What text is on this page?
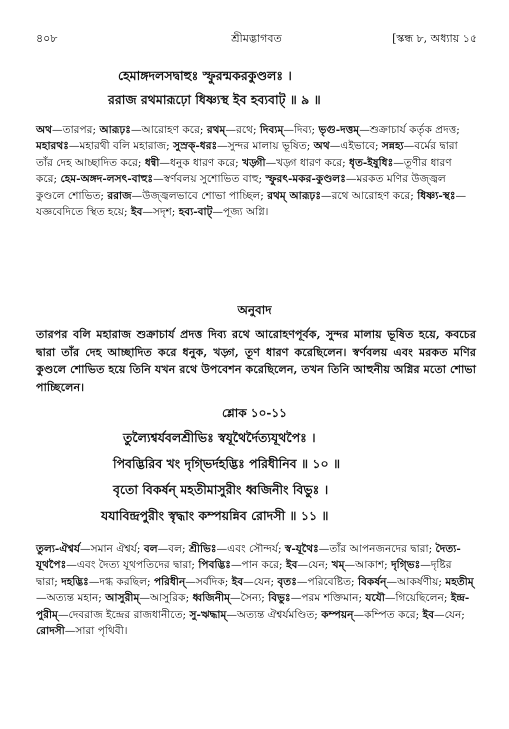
৪০৮	শ্রীমদ্ভাগবত	[স্কন্ধ ৮, অধ্যায় ১৫
হেমাঙ্গদলসদ্বাহুঃ স্ফুরন্মকরকুণ্ডলঃ ।
ররাজ রথমারূঢ়ো ধিষ্ণ্যস্থ ইব হব্যবাট্ ॥ ৯ ॥
অথ—তারপর; আরূঢ়ঃ—আরোহণ করে; রথম্—রথে; দিব্যম্—দিব্য; ভৃগু-দত্তম্—শুক্রাচার্য কর্তৃক প্রদত্ত; মহারথঃ—মহারথী বলি মহারাজ; সুস্রক্-ধরঃ—সুন্দর মালায় ভূষিত; অথ—এইভাবে; সন্নহ্য—বর্মের দ্বারা তাঁর দেহ আচ্ছাদিত করে; ধন্বী—ধনুক ধারণ করে; খড়্গী—খড়্গ ধারণ করে; ধৃত-ইষুধিঃ—তূণীর ধারণ করে; হেম-অঙ্গদ-লসৎ-বাহুঃ—স্বর্ণবলয় সুশোভিত বাহু; স্ফুরৎ-মকর-কুণ্ডলঃ—মরকত মণির উজ্জ্বল কুণ্ডলে শোভিত; ররাজ—উজ্জ্বলভাবে শোভা পাচ্ছিল; রথম্ আরূঢ়ঃ—রথে আরোহণ করে; ধিষ্ণ্য-স্থঃ—যজ্ঞবেদিতে স্থিত হয়ে; ইব—সদৃশ; হব্য-বাট্—পূজ্য অগ্নি।
অনুবাদ
তারপর বলি মহারাজ শুক্রাচার্য প্রদত্ত দিব্য রথে আরোহণপূর্বক, সুন্দর মালায় ভূষিত হয়ে, কবচের দ্বারা তাঁর দেহ আচ্ছাদিত করে ধনুক, খড়্গ, তূণ ধারণ করেছিলেন। স্বর্ণবলয় এবং মরকত মণির কুণ্ডলে শোভিত হয়ে তিনি যখন রথে উপবেশন করেছিলেন, তখন তিনি আহুনীয় অগ্নির মতো শোভা পাচ্ছিলেন।
শ্লোক ১০-১১
তুল্যৈশ্বর্যবলশ্রীভিঃ স্বযূথৈর্দৈত্যযূথপৈঃ ।
পিবদ্ভিরিব খং দৃগ্ভির্দহদ্ভিঃ পরিধীনিব ॥ ১০ ॥
বৃতো বিকর্ষন্ মহতীমাসুরীং ধ্বজিনীং বিভুঃ ।
যযাবিন্দ্রপুরীং স্বৃদ্ধাং কম্পয়ন্নিব রোদসী ॥ ১১ ॥
তুল্য-ঐশ্বর্য—সমান ঐশ্বর্য; বল—বল; শ্রীভিঃ—এবং সৌন্দর্য; স্ব-যূথৈঃ—তাঁর আপনজনদের দ্বারা; দৈত্য-যূথপৈঃ—এবং দৈত্য যূথপতিদের দ্বারা; পিবদ্ভিঃ—পান করে; ইব—যেন; খম্—আকাশ; দৃগ্ভিঃ—দৃষ্টির দ্বারা; দহদ্ভিঃ—দগ্ধ করছিল; পরিধীন্—সর্বদিক; ইব—যেন; বৃতঃ—পরিবেষ্টিত; বিকর্ষন্—আকর্ষণীয়; মহতীম্—অত্যন্ত মহান; আসুরীম্—আসুরিক; ধ্বজিনীম্—সৈন্য; বিভুঃ—পরম শক্তিমান; যযৌ—গিয়েছিলেন; ইন্দ্র-পুরীম্—দেবরাজ ইন্দ্রের রাজধানীতে; সু-ঋদ্ধাম্—অত্যন্ত ঐশ্বর্যমণ্ডিত; কম্পয়ন্—কম্পিত করে; ইব—যেন; রোদসী—সারা পৃথিবী।
